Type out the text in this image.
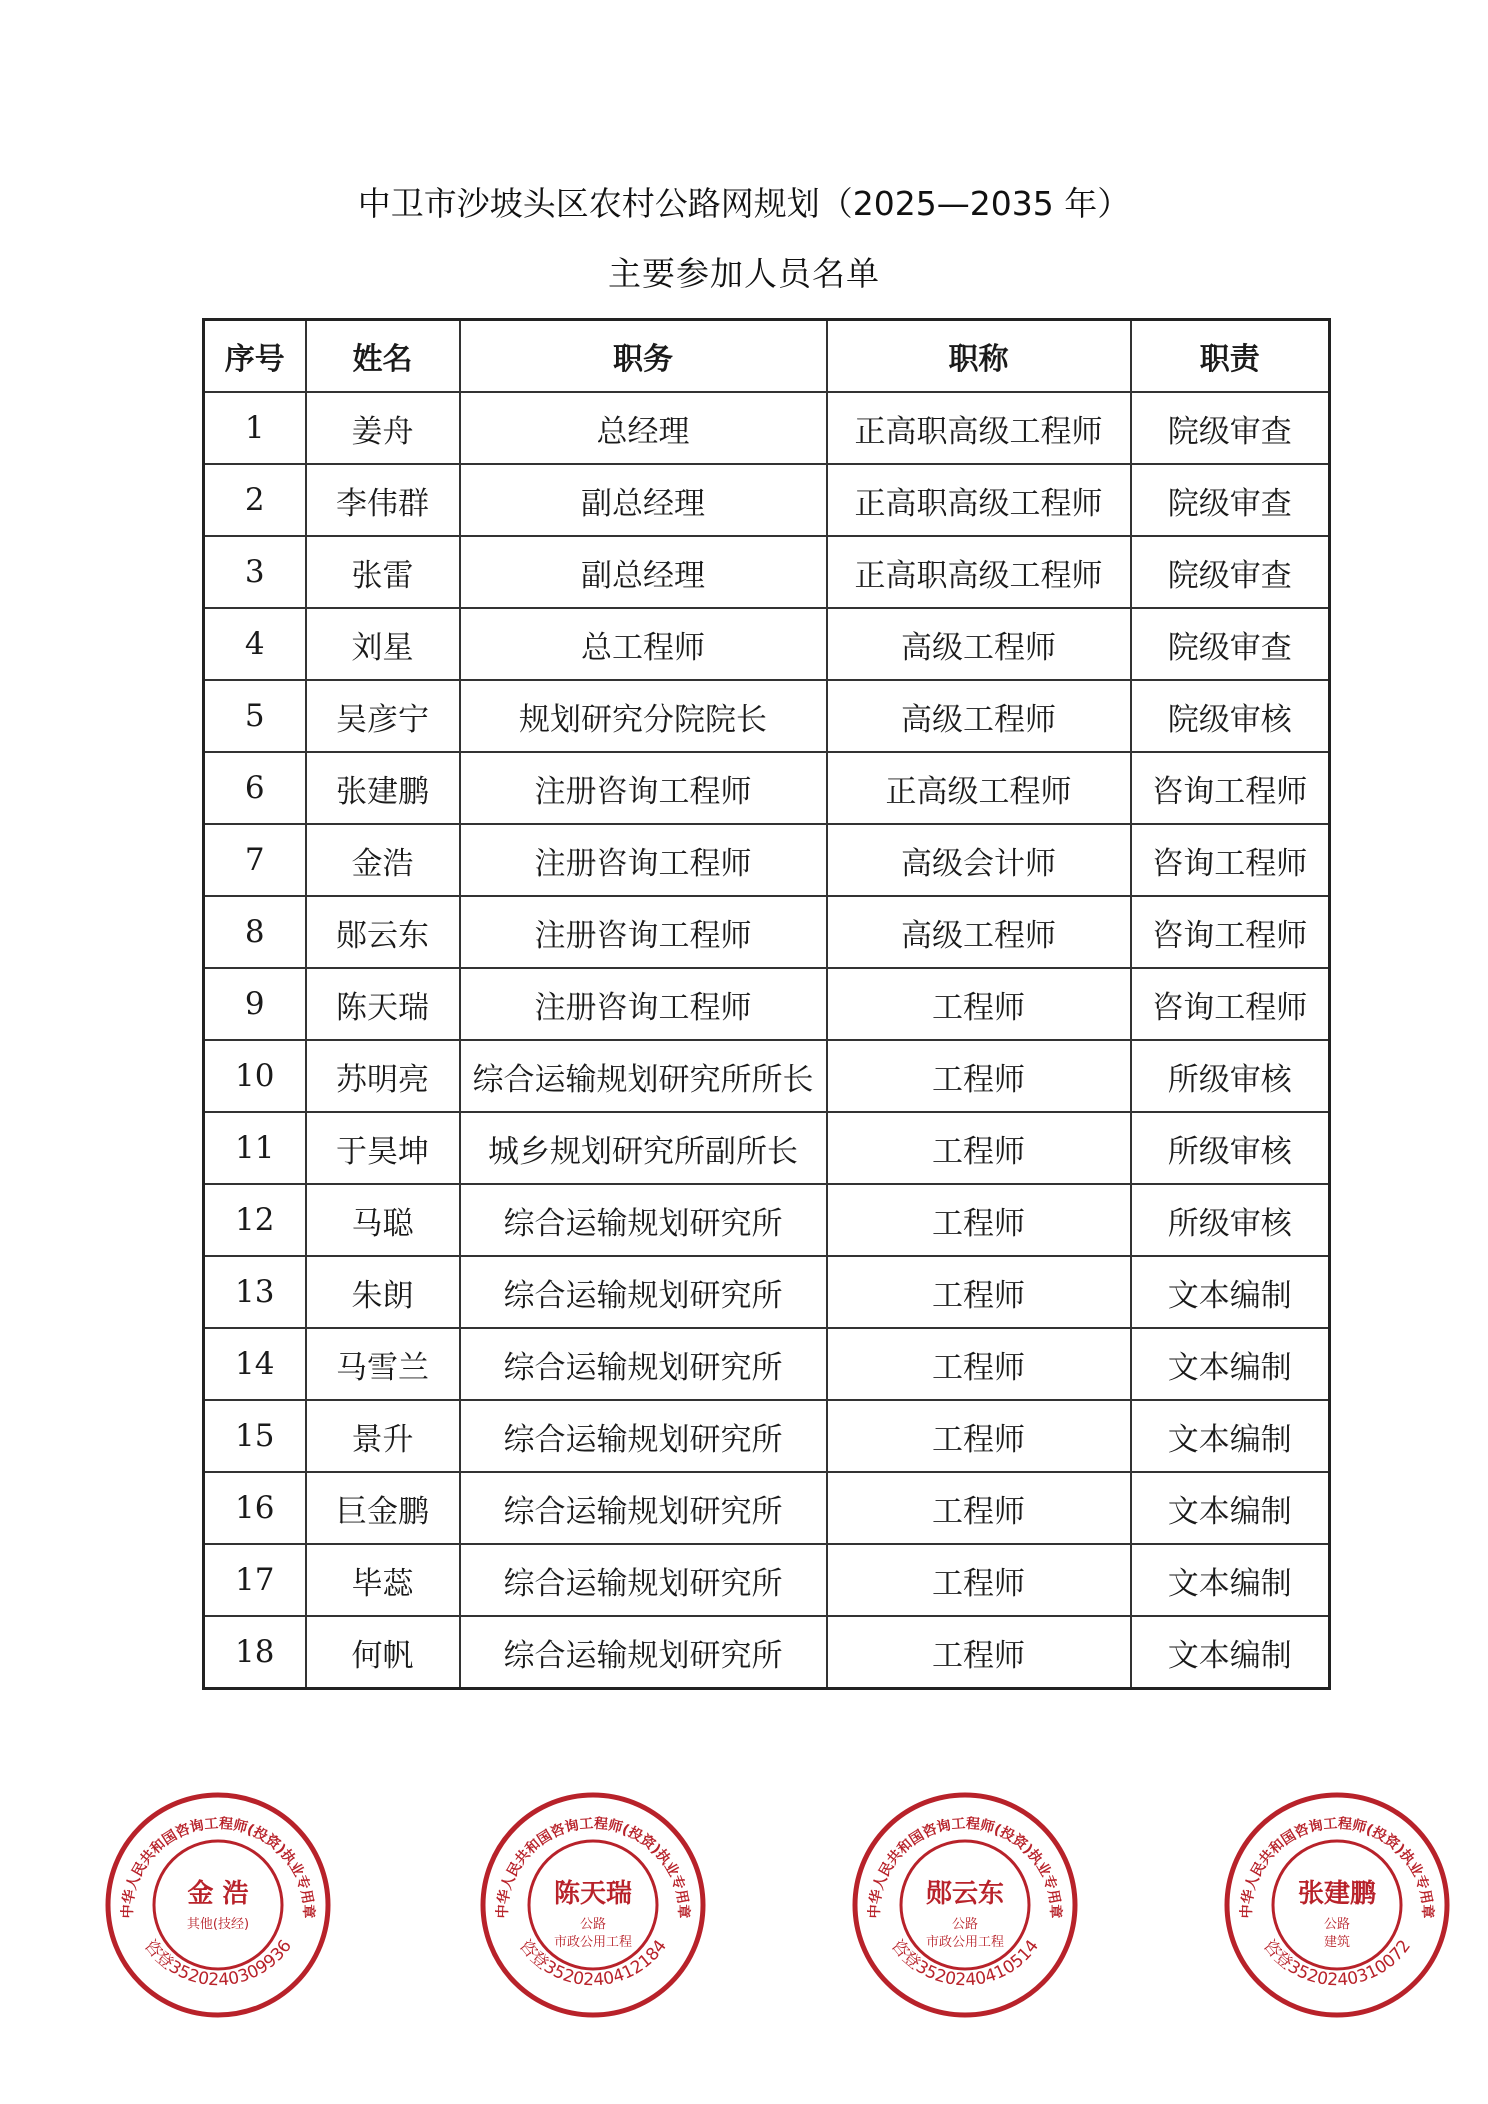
中卫市沙坡头区农村公路网规划（2025—2035 年）
主要参加人员名单
序号	姓名	职务	职称	职责
1	姜舟	总经理	正高职高级工程师	院级审查
2	李伟群	副总经理	正高职高级工程师	院级审查
3	张雷	副总经理	正高职高级工程师	院级审查
4	刘星	总工程师	高级工程师	院级审查
5	吴彦宁	规划研究分院院长	高级工程师	院级审核
6	张建鹏	注册咨询工程师	正高级工程师	咨询工程师
7	金浩	注册咨询工程师	高级会计师	咨询工程师
8	郧云东	注册咨询工程师	高级工程师	咨询工程师
9	陈天瑞	注册咨询工程师	工程师	咨询工程师
10	苏明亮	综合运输规划研究所所长	工程师	所级审核
11	于昊坤	城乡规划研究所副所长	工程师	所级审核
12	马聪	综合运输规划研究所	工程师	所级审核
13	朱朗	综合运输规划研究所	工程师	文本编制
14	马雪兰	综合运输规划研究所	工程师	文本编制
15	景升	综合运输规划研究所	工程师	文本编制
16	巨金鹏	综合运输规划研究所	工程师	文本编制
17	毕蕊	综合运输规划研究所	工程师	文本编制
18	何帆	综合运输规划研究所	工程师	文本编制
中华人民共和国咨询工程师(投资)执业专用章
咨登3520240309936
金 浩
其他(技经)
中华人民共和国咨询工程师(投资)执业专用章
咨登3520240412184
陈天瑞
公路
市政公用工程
中华人民共和国咨询工程师(投资)执业专用章
咨登3520240410514
郧云东
公路
市政公用工程
中华人民共和国咨询工程师(投资)执业专用章
咨登3520240310072
张建鹏
公路
建筑
